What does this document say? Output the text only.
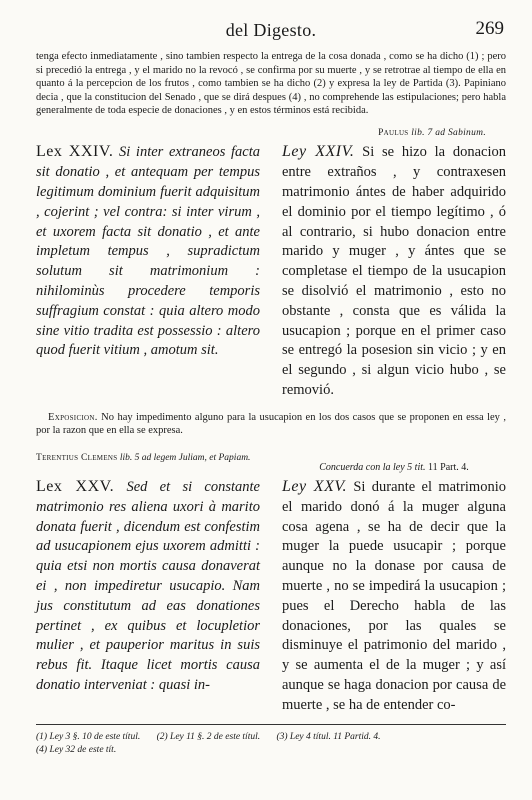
del Digesto.	269

tenga efecto inmediatamente , sino tambien respecto la entrega de la cosa donada , como se ha dicho (1) ; pero si precedió la entrega , y el marido no la revocó , se confirma por su muerte , y se retrotrae al tiempo de ella en quanto á la percepcion de los frutos , como tambien se ha dicho (2) y expresa la ley de Partida (3). Papiniano decia , que la constitucion del Senado , que se dirá despues (4) , no comprehende las estipulaciones; pero habla generalmente de toda especie de donaciones , y en estos términos está recibida.

Paulus lib. 7 ad Sabinum.
Lex XXIV. Si inter extraneos facta sit donatio , et antequam per tempus legitimum dominium fuerit adquisitum , cojerint ; vel contra: si inter virum , et uxorem facta sit donatio , et ante impletum tempus , supradictum solutum sit matrimonium : nihilominùs procedere temporis suffragium constat : quia altero modo sine vitio tradita est possessio : altero quod fuerit vitium , amotum sit.
Ley XXIV. Si se hizo la donacion entre extraños , y contraxesen matrimonio ántes de haber adquirido el dominio por el tiempo legítimo , ó al contrario, si hubo donacion entre marido y muger , y ántes que se completase el tiempo de la usucapion se disolvió el matrimonio , esto no obstante , consta que es válida la usucapion ; porque en el primer caso se entregó la posesion sin vicio ; y en el segundo , si algun vicio hubo , se removió.

Exposicion. No hay impedimento alguno para la usucapion en los dos casos que se proponen en essa ley , por la razon que en ella se expresa.

Terentius Clemens lib. 5 ad legem Juliam, et Papiam.
Concuerda con la ley 5 tit. 11 Part. 4.
Lex XXV. Sed et si constante matrimonio res aliena uxori à marito donata fuerit , dicendum est confestim ad usucapionem ejus uxorem admitti : quia etsi non mortis causa donaverat ei , non impediretur usucapio. Nam jus constitutum ad eas donationes pertinet , ex quibus et locupletior mulier , et pauperior maritus in suis rebus fit. Itaque licet mortis causa donatio interveniat : quasi in-
Ley XXV. Si durante el matrimonio el marido donó á la muger alguna cosa agena , se ha de decir que la muger la puede usucapir ; porque aunque no la donase por causa de muerte , no se impedirá la usucapion ; pues el Derecho habla de las donaciones, por las quales se disminuye el patrimonio del marido , y se aumenta el de la muger ; y así aunque se haga donacion por causa de muerte , se ha de entender co-
(1) Ley 3 §. 10 de este títul. (2) Ley 11 §. 2 de este títul. (3) Ley 4 títul. 11 Partid. 4.
(4) Ley 32 de este tít.
